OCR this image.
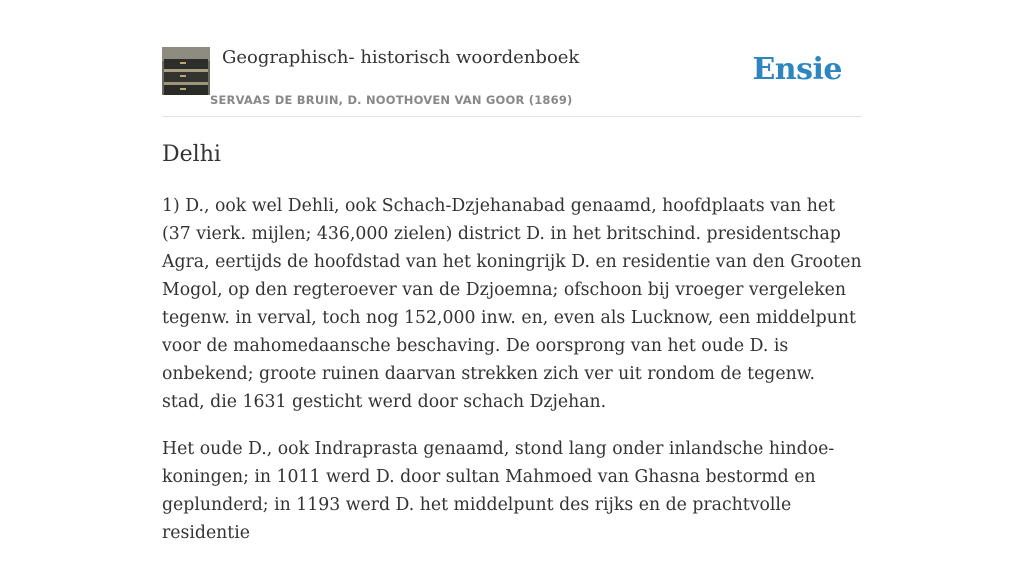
Geographisch- historisch woordenboek
SERVAAS DE BRUIN, D. NOOTHOVEN VAN GOOR (1869)
Ensie
Delhi

1) D., ook wel Dehli, ook Schach-Dzjehanabad genaamd, hoofdplaats van het (37 vierk. mijlen; 436,000 zielen) district D. in het britschind. presidentschap Agra, eertijds de hoofdstad van het koningrijk D. en residentie van den Grooten Mogol, op den regteroever van de Dzjoemna; ofschoon bij vroeger vergeleken tegenw. in verval, toch nog 152,000 inw. en, even als Lucknow, een middelpunt voor de mahomedaansche beschaving. De oorsprong van het oude D. is onbekend; groote ruinen daarvan strekken zich ver uit rondom de tegenw. stad, die 1631 gesticht werd door schach Dzjehan.

Het oude D., ook Indraprasta genaamd, stond lang onder inlandsche hindoe-koningen; in 1011 werd D. door sultan Mahmoed van Ghasna bestormd en geplunderd; in 1193 werd D. het middelpunt des rijks en de prachtvolle residentie
